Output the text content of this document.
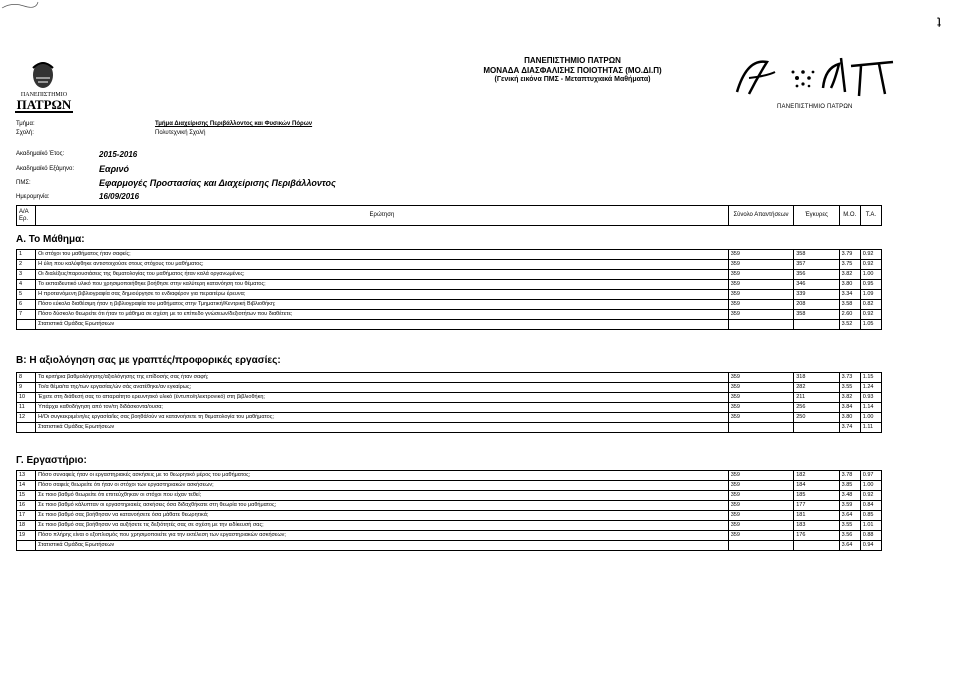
ʇ
ΠΑΝΕΠΙΣΤΗΜΙΟ ΠΑΤΡΩΝ
ΜΟΝΑΔΑ ΔΙΑΣΦΑΛΙΣΗΣ ΠΟΙΟΤΗΤΑΣ (ΜΟ.ΔΙ.Π)
(Γενική εικόνα ΠΜΣ - Μεταπτυχιακά Μαθήματα)
ΠΑΝΕΠΙΣΤΗΜΙΟ
ΠΑΤΡΩΝ	ΠΑΝΕΠΙΣΤΗΜΙΟ ΠΑΤΡΩΝ
Τμήμα:	Τμήμα Διαχείρισης Περιβάλλοντος και Φυσικών Πόρων
Σχολή:	Πολυτεχνική Σχολή
Ακαδημαϊκό Έτος:	2015-2016
Ακαδημαϊκό Εξάμηνο:	Εαρινό
ΠΜΣ:	Εφαρμογές Προστασίας και Διαχείρισης Περιβάλλοντος
Ημερομηνία:	16/09/2016
Α/Α Ερ.	Ερώτηση	Σύνολο Απαντήσεων	Έγκυρες	Μ.Ο.	Τ.Α.
Α. Το Μάθημα:
Β: Η αξιολόγηση σας με γραπτές/προφορικές εργασίες:
Γ. Εργαστήριο:
1	Οι στόχοι του μαθήματος ήταν σαφείς;	359	358	3.79	0.92
2	Η ύλη που καλύφθηκε αντιστοιχούσε στους στόχους του μαθήματος;	359	357	3.75	0.92
3	Οι διαλέξεις/παρουσιάσεις της θεματολογίας του μαθήματος ήταν καλά οργανωμένες;	359	356	3.82	1.00
4	Το εκπαιδευτικό υλικό που χρησιμοποιήθηκε βοήθησε στην καλύτερη κατανόηση του θέματος;	359	346	3.80	0.95
5	Η προτεινόμενη βιβλιογραφία σας δημιούργησε το ενδιαφέρον για περαιτέρω έρευνα;	359	339	3.34	1.09
6	Πόσο εύκολα διαθέσιμη ήταν η βιβλιογραφία του μαθήματος στην Τμηματική/Κεντρική Βιβλιοθήκη;	359	208	3.58	0.82
7	Πόσο δύσκολο θεωρείτε ότι ήταν το μάθημα σε σχέση με το επίπεδο γνώσεων/δεξιοτήτων που διαθέτετε;	359	358	2.60	0.92
	Στατιστικά Ομάδας Ερωτήσεων			3.52	1.05
8	Τα κριτήρια βαθμολόγησης/αξιολόγησης της επίδοσής σας ήταν σαφή;	359	318	3.73	1.15
9	Το/α θέμα/τα της/των εργασίας/ών σάς ανατέθηκε/αν εγκαίρως;	359	282	3.55	1.24
10	Έχετε στη διάθεσή σας το απαραίτητο ερευνητικό υλικό (έντυπο/ηλεκτρονικό) στη βιβλιοθήκη;	359	211	3.82	0.93
11	Υπάρχει καθοδήγηση από τον/τη διδάσκοντα/ουσα;	359	256	3.84	1.14
12	Η/Οι συγκεκριμένη/ες εργασία/ίες σας βοηθά/ούν να κατανοήσετε τη θεματολογία του μαθήματος;	359	250	3.80	1.00
	Στατιστικά Ομάδας Ερωτήσεων			3.74	1.11
13	Πόσο συναφείς ήταν οι εργαστηριακές ασκήσεις με το θεωρητικό μέρος του μαθήματος;	359	182	3.78	0.97
14	Πόσο σαφείς θεωρείτε ότι ήταν οι στόχοι των εργαστηριακών ασκήσεων;	359	184	3.85	1.00
15	Σε ποιο βαθμό θεωρείτε ότι επιτεύχθηκαν οι στόχοι που είχαν τεθεί;	359	185	3.48	0.92
16	Σε ποιο βαθμό κάλυπταν οι εργαστηριακές ασκήσεις όσα διδαχθήκατε στη θεωρία του μαθήματος;	359	177	3.59	0.84
17	Σε ποιο βαθμό σας βοήθησαν να κατανοήσετε όσα μάθατε θεωρητικά;	359	181	3.64	0.85
18	Σε ποιο βαθμό σας βοήθησαν να αυξήσετε τις δεξιότητές σας σε σχέση με την ειδίκευσή σας;	359	183	3.55	1.01
19	Πόσο πλήρης είναι ο εξοπλισμός που χρησιμοποιείτε για την εκτέλεση των εργαστηριακών ασκήσεων;	359	176	3.56	0.88
	Στατιστικά Ομάδας Ερωτήσεων			3.64	0.94
